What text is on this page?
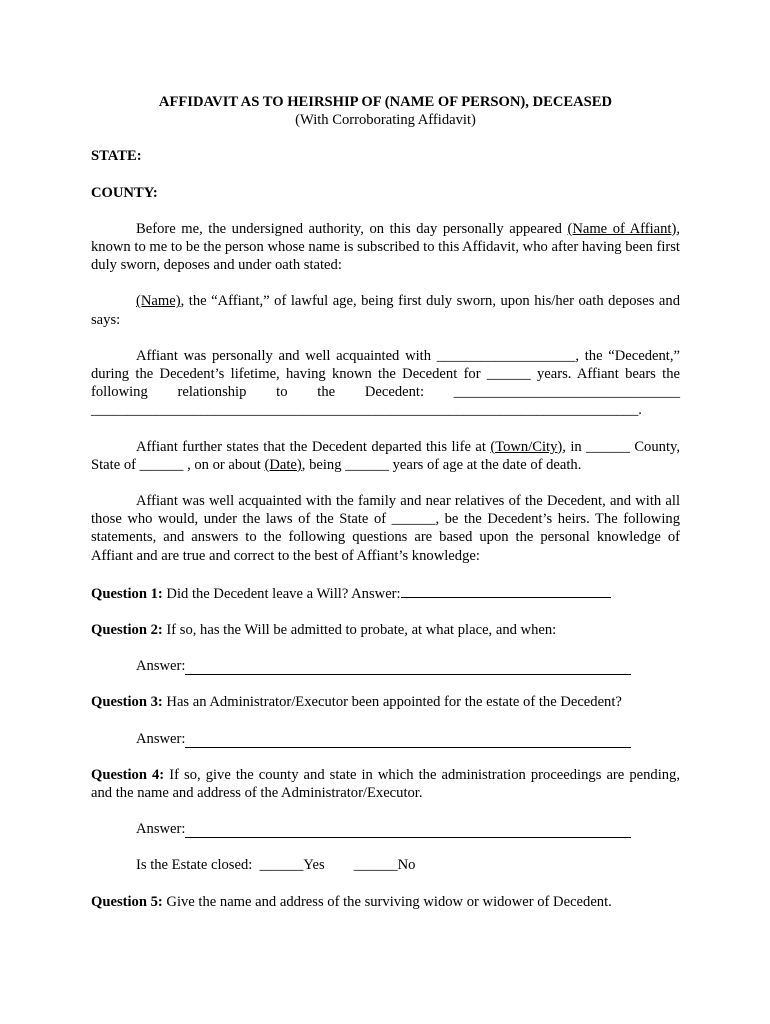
AFFIDAVIT AS TO HEIRSHIP OF (NAME OF PERSON), DECEASED

(With Corroborating Affidavit)

STATE:

COUNTY:

Before me, the undersigned authority, on this day personally appeared (Name of Affiant), known to me to be the person whose name is subscribed to this Affidavit, who after having been first duly sworn, deposes and under oath stated:

(Name), the “Affiant,” of lawful age, being first duly sworn, upon his/her oath deposes and says:

Affiant was personally and well acquainted with ___________________, the “Decedent,” during the Decedent’s lifetime, having known the Decedent for ______ years. Affiant bears the following relationship to the Decedent: _______________________________ ___________________________________________________________________________.

Affiant further states that the Decedent departed this life at (Town/City), in ______ County, State of ______ , on or about (Date), being ______ years of age at the date of death.

Affiant was well acquainted with the family and near relatives of the Decedent, and with all those who would, under the laws of the State of ______, be the Decedent’s heirs. The following statements, and answers to the following questions are based upon the personal knowledge of Affiant and are true and correct to the best of Affiant’s knowledge:

Question 1: Did the Decedent leave a Will? Answer:

Question 2: If so, has the Will be admitted to probate, at what place, and when:

Answer:

Question 3: Has an Administrator/Executor been appointed for the estate of the Decedent?

Answer:

Question 4: If so, give the county and state in which the administration proceedings are pending, and the name and address of the Administrator/Executor.

Answer:

Is the Estate closed:  ______Yes        ______No

Question 5: Give the name and address of the surviving widow or widower of Decedent.
